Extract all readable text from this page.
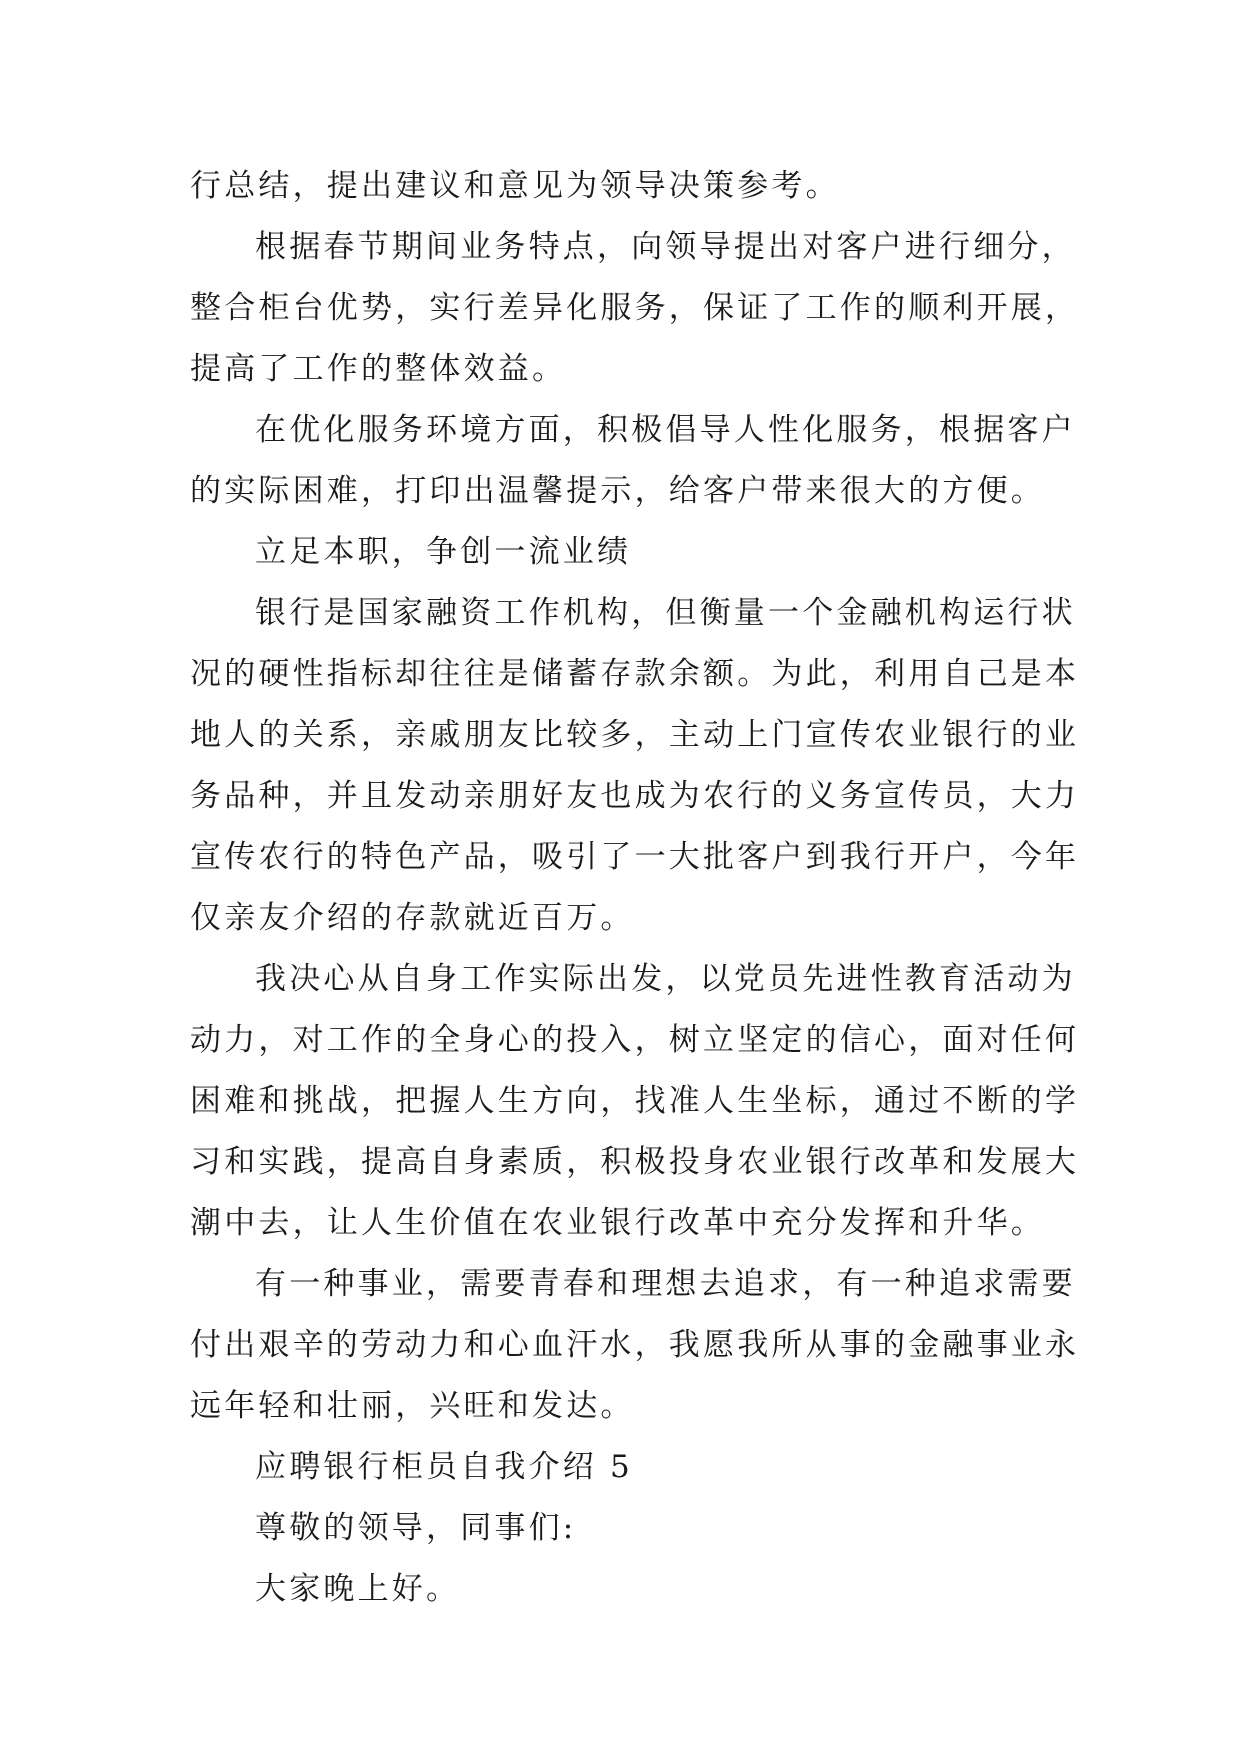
行总结，提出建议和意见为领导决策参考。
根据春节期间业务特点，向领导提出对客户进行细分，
整合柜台优势，实行差异化服务，保证了工作的顺利开展，
提高了工作的整体效益。
在优化服务环境方面，积极倡导人性化服务，根据客户
的实际困难，打印出温馨提示，给客户带来很大的方便。
立足本职，争创一流业绩
银行是国家融资工作机构，但衡量一个金融机构运行状
况的硬性指标却往往是储蓄存款余额。为此，利用自己是本
地人的关系，亲戚朋友比较多，主动上门宣传农业银行的业
务品种，并且发动亲朋好友也成为农行的义务宣传员，大力
宣传农行的特色产品，吸引了一大批客户到我行开户，今年
仅亲友介绍的存款就近百万。
我决心从自身工作实际出发，以党员先进性教育活动为
动力，对工作的全身心的投入，树立坚定的信心，面对任何
困难和挑战，把握人生方向，找准人生坐标，通过不断的学
习和实践，提高自身素质，积极投身农业银行改革和发展大
潮中去，让人生价值在农业银行改革中充分发挥和升华。
有一种事业，需要青春和理想去追求，有一种追求需要
付出艰辛的劳动力和心血汗水，我愿我所从事的金融事业永
远年轻和壮丽，兴旺和发达。
应聘银行柜员自我介绍 5
尊敬的领导，同事们:
大家晚上好。
